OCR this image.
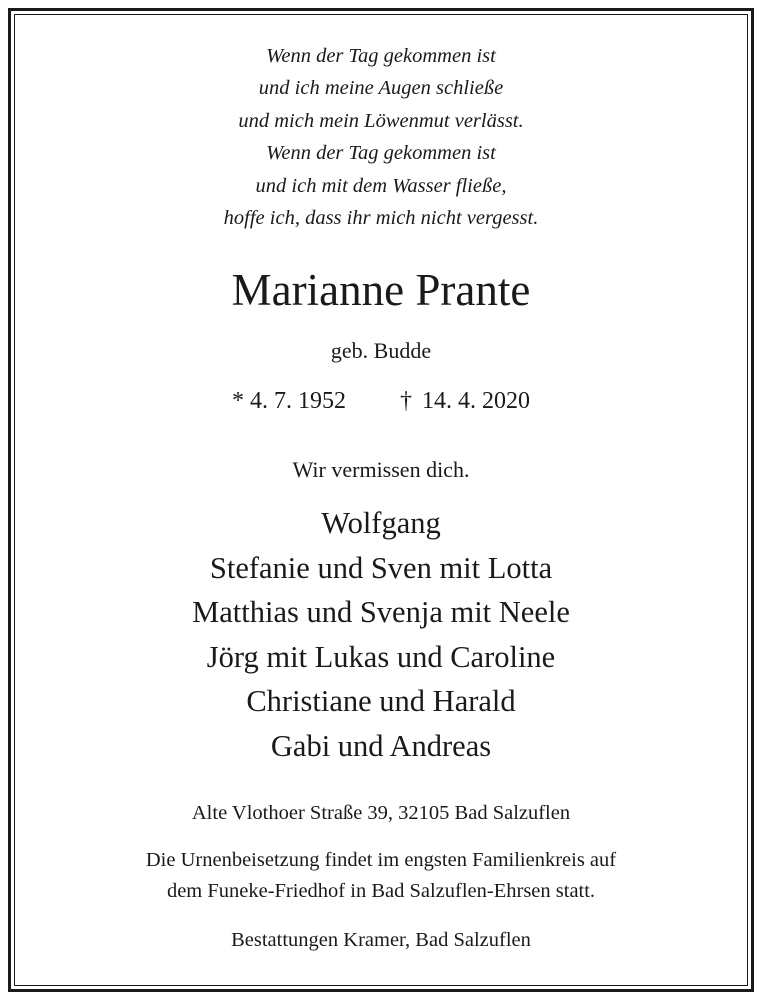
Wenn der Tag gekommen ist
und ich meine Augen schließe
und mich mein Löwenmut verlässt.
Wenn der Tag gekommen ist
und ich mit dem Wasser fließe,
hoffe ich, dass ihr mich nicht vergesst.
Marianne Prante
geb. Budde
* 4. 7. 1952 † 14. 4. 2020
Wir vermissen dich.
Wolfgang
Stefanie und Sven mit Lotta
Matthias und Svenja mit Neele
Jörg mit Lukas und Caroline
Christiane und Harald
Gabi und Andreas
Alte Vlothoer Straße 39, 32105 Bad Salzuflen
Die Urnenbeisetzung findet im engsten Familienkreis auf
dem Funeke-Friedhof in Bad Salzuflen-Ehrsen statt.
Bestattungen Kramer, Bad Salzuflen
